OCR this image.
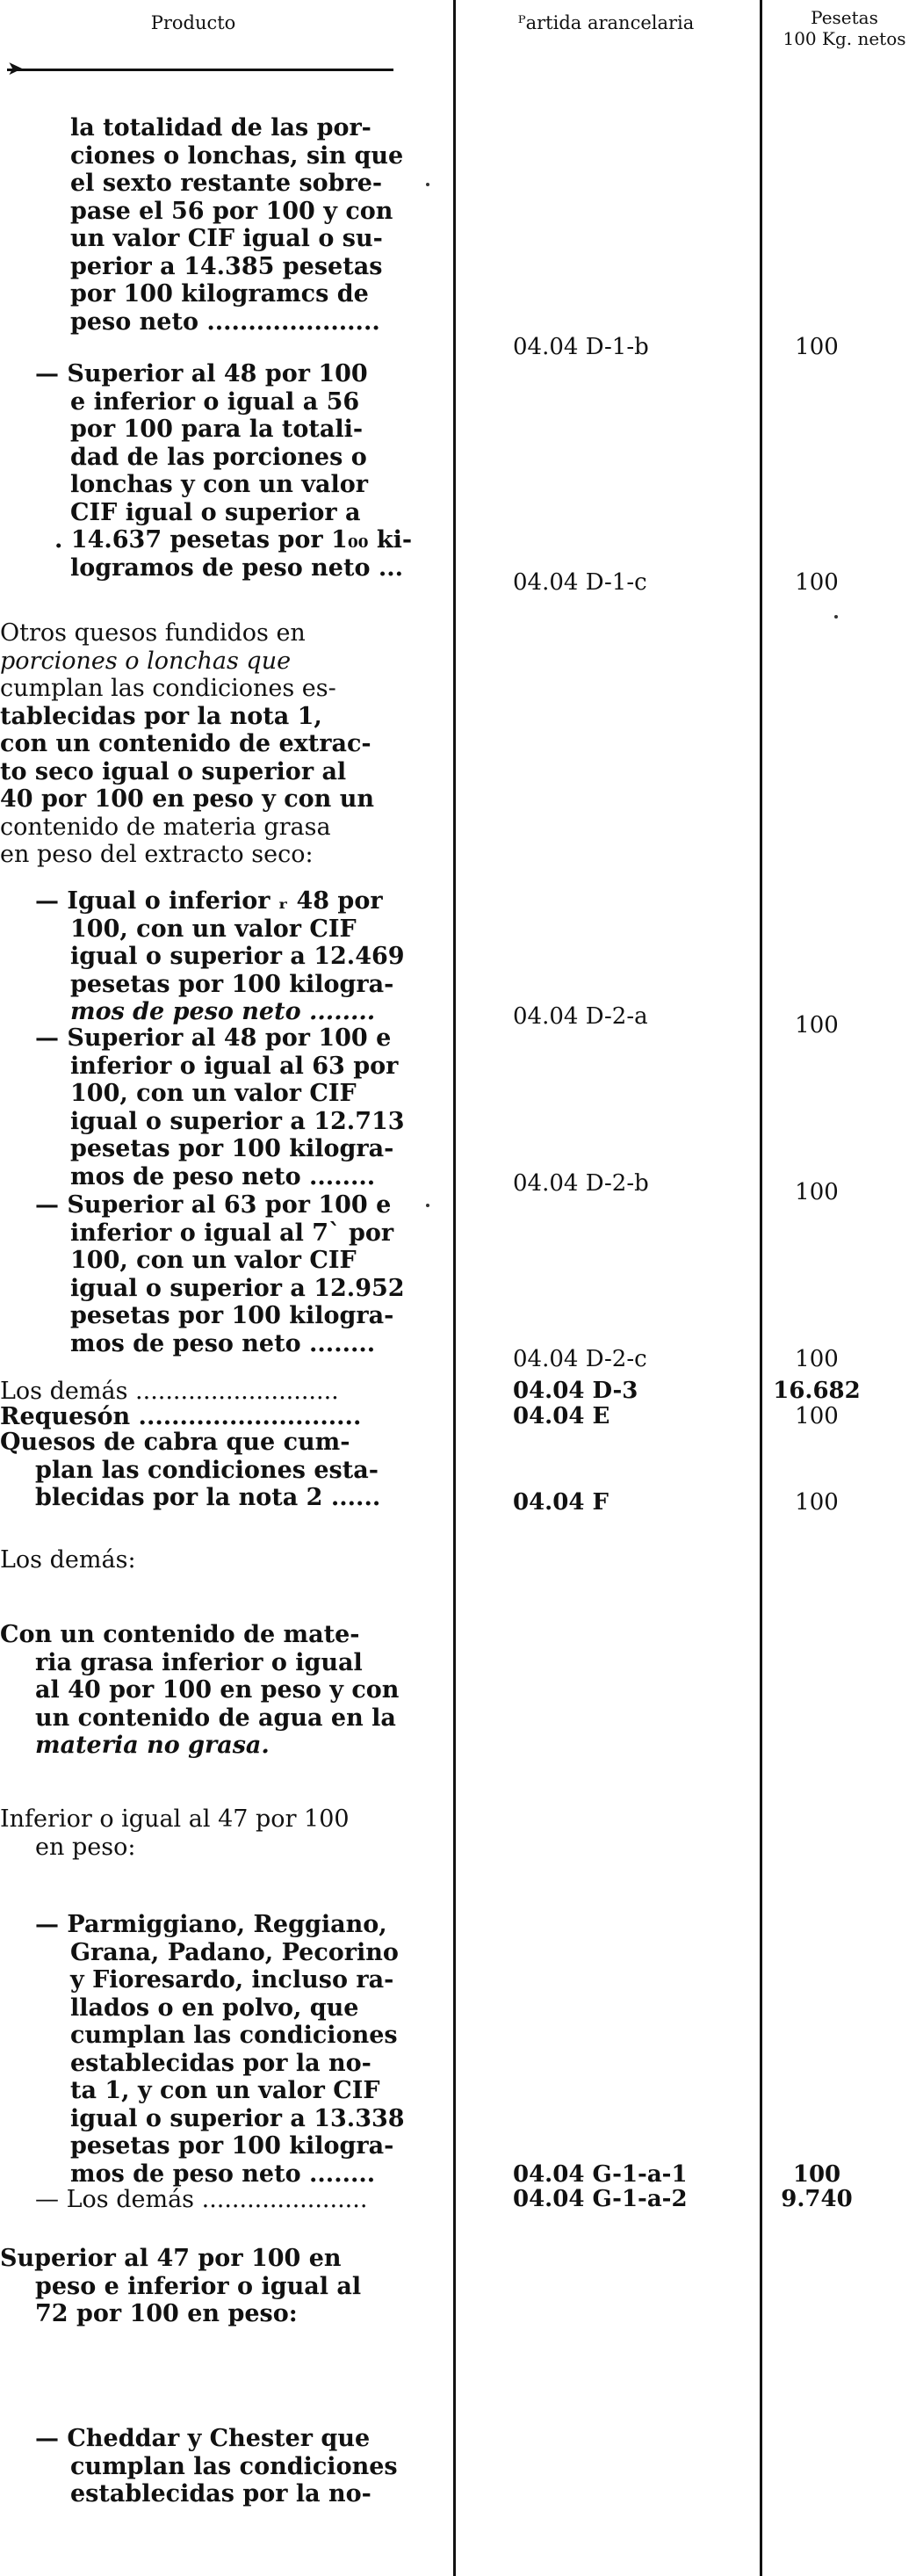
Producto	ᴾartida arancelaria	Pesetas
100 Kg. netos
➤
la totalidad de las por-
ciones o lonchas, sin que
el sexto restante sobre-
pase el 56 por 100 y con
un valor CIF igual o su-
perior a 14.385 pesetas
por 100 kilogramcs de
peso neto .....................
04.04 D-1-b	100
— Superior al 48 por 100
e inferior o igual a 56
por 100 para la totali-
dad de las porciones o
lonchas y con un valor
CIF igual o superior a
. 14.637 pesetas por 1₀₀ ki-
logramos de peso neto ...
04.04 D-1-c	100
Otros quesos fundidos en
porciones o lonchas que
cumplan las condiciones es-
tablecidas por la nota 1,
con un contenido de extrac-
to seco igual o superior al
40 por 100 en peso y con un
contenido de materia grasa
en peso del extracto seco:
— Igual o inferior ᵣ 48 por
100, con un valor CIF
igual o superior a 12.469
pesetas por 100 kilogra-
mos de peso neto ........	04.04 D-2-a	100
— Superior al 48 por 100 e
inferior o igual al 63 por
100, con un valor CIF
igual o superior a 12.713
pesetas por 100 kilogra-
mos de peso neto ........	04.04 D-2-b	100
— Superior al 63 por 100 e
inferior o igual al 7` por
100, con un valor CIF
igual o superior a 12.952
pesetas por 100 kilogra-
mos de peso neto ........
04.04 D-2-c	100
Los demás ...........................	04.04 D-3	16.682
Requesón ...........................	04.04 E	100
Quesos de cabra que cum-
plan las condiciones esta-
blecidas por la nota 2 ......	04.04 F	100
Los demás:
Con un contenido de mate-
ria grasa inferior o igual
al 40 por 100 en peso y con
un contenido de agua en la
materia no grasa.
Inferior o igual al 47 por 100
en peso:
— Parmiggiano, Reggiano,
Grana, Padano, Pecorino
y Fioresardo, incluso ra-
llados o en polvo, que
cumplan las condiciones
establecidas por la no-
ta 1, y con un valor CIF
igual o superior a 13.338
pesetas por 100 kilogra-
mos de peso neto ........	04.04 G-1-a-1	100
— Los demás ......................	04.04 G-1-a-2	9.740
Superior al 47 por 100 en
peso e inferior o igual al
72 por 100 en peso:
— Cheddar y Chester que
cumplan las condiciones
establecidas por la no-
